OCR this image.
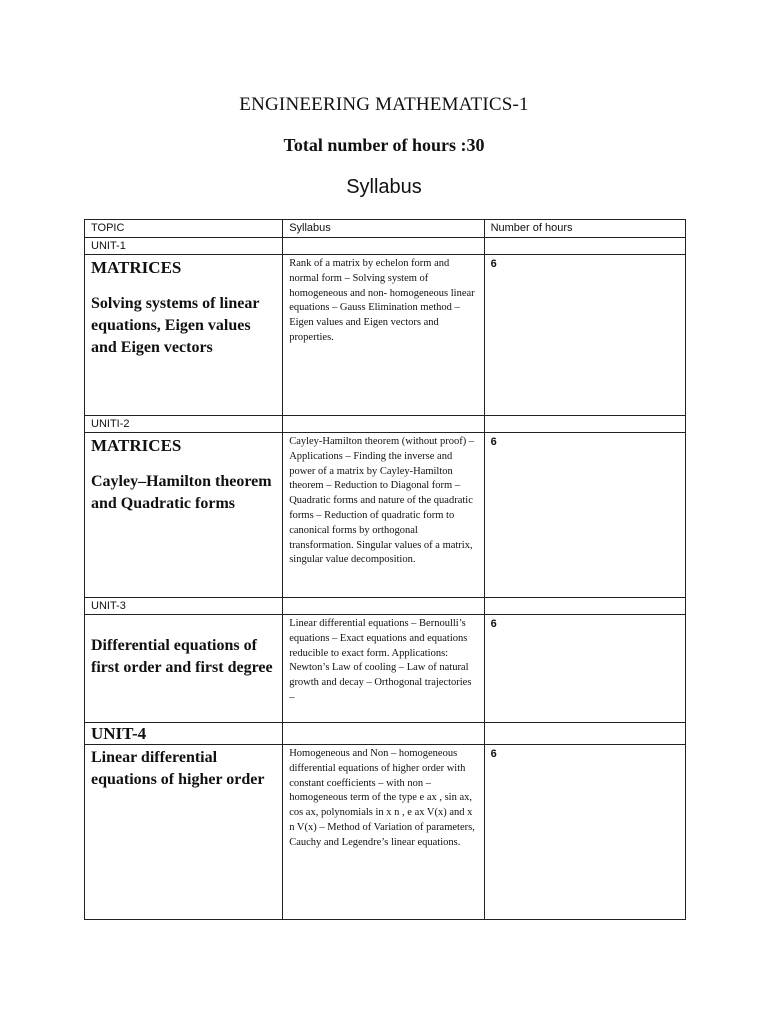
ENGINEERING MATHEMATICS-1
Total number of hours :30
Syllabus
TOPIC	Syllabus	Number of hours
UNIT-1		

MATRICES
Solving systems of linear equations, Eigen values and Eigen vectors	Rank of a matrix by echelon form and normal form – Solving system of homogeneous and non- homogeneous linear equations – Gauss Elimination method – Eigen values and Eigen vectors and properties.	6
UNITI-2		

MATRICES
Cayley–Hamilton theorem and Quadratic forms	Cayley-Hamilton theorem (without proof) – Applications – Finding the inverse and power of a matrix by Cayley-Hamilton theorem – Reduction to Diagonal form – Quadratic forms and nature of the quadratic forms – Reduction of quadratic form to canonical forms by orthogonal transformation. Singular values of a matrix, singular value decomposition.	6
UNIT-3		

Differential equations of first order and first degree	Linear differential equations – Bernoulli’s equations – Exact equations and equations reducible to exact form. Applications: Newton’s Law of cooling – Law of natural growth and decay – Orthogonal trajectories –	6
UNIT-4		

Linear differential equations of higher order	Homogeneous and Non – homogeneous differential equations of higher order with constant coefficients – with non – homogeneous term of the type e ax , sin ax, cos ax, polynomials in x n , e ax V(x) and x n V(x) – Method of Variation of parameters, Cauchy and Legendre’s linear equations.	6
